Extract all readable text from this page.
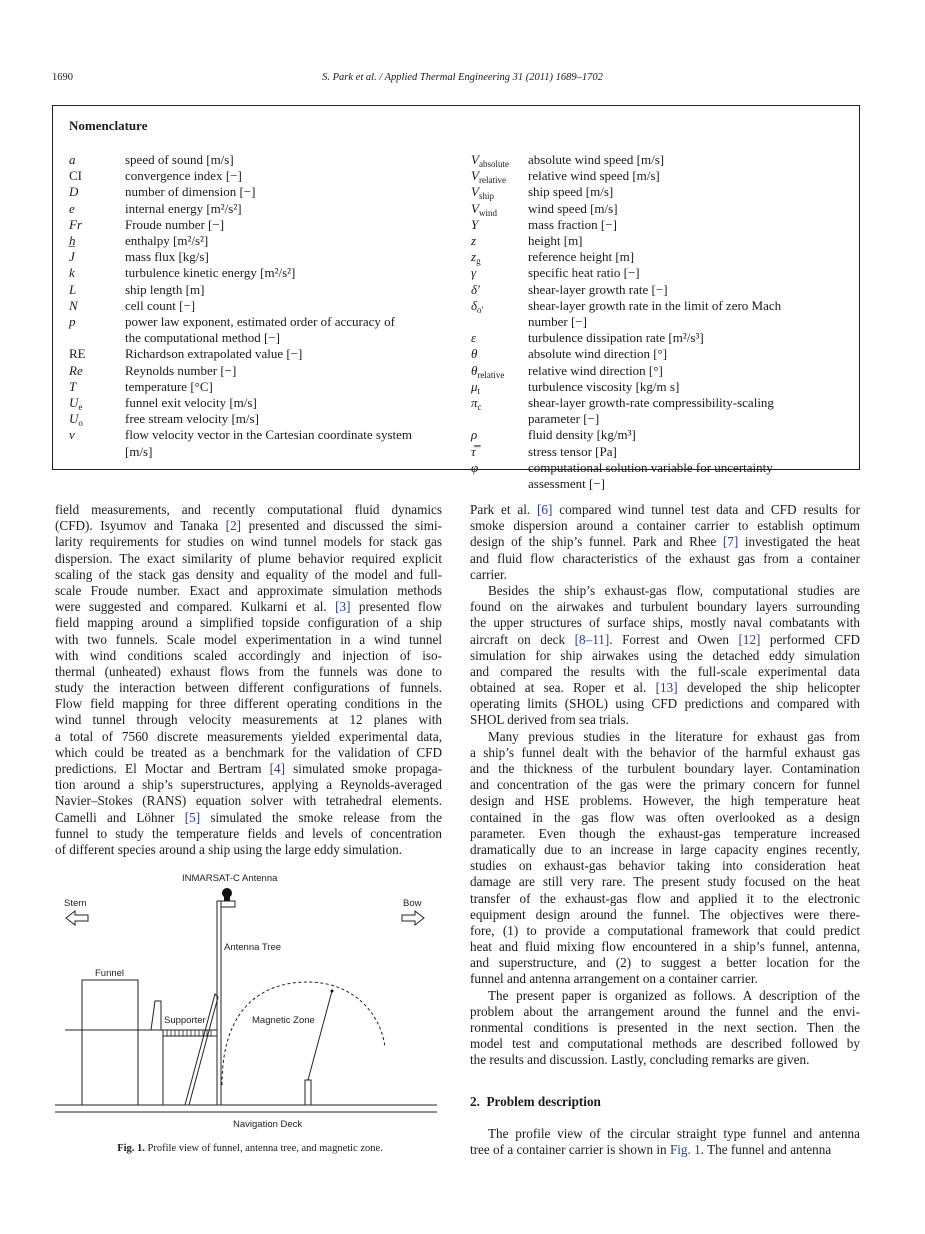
1690	S. Park et al. / Applied Thermal Engineering 31 (2011) 1689–1702
Nomenclature
a	speed of sound [m/s]
CI	convergence index [−]
D	number of dimension [−]
e	internal energy [m²/s²]
Fr	Froude number [−]
h̲	enthalpy [m²/s²]
J⃗	mass flux [kg/s]
k	turbulence kinetic energy [m²/s²]
L	ship length [m]
N	cell count [−]
p	power law exponent, estimated order of accuracy of
the computational method [−]
RE	Richardson extrapolated value [−]
Re	Reynolds number [−]
T	temperature [°C]
$U_e$	funnel exit velocity [m/s]
$U_o$	free stream velocity [m/s]
v⃗	flow velocity vector in the Cartesian coordinate system
[m/s]
$V_{absolute}$ absolute wind speed [m/s]
$V_{relative}$ relative wind speed [m/s]
$V_{ship}$	ship speed [m/s]
$V_{wind}$ wind speed [m/s]
Y	mass fraction [−]
z	height [m]
$z_g$	reference height [m]
γ	specific heat ratio [−]
δ′	shear-layer growth rate [−]
$\delta_{o'}$	shear-layer growth rate in the limit of zero Mach
number [−]
ε	turbulence dissipation rate [m²/s³]
θ	absolute wind direction [°]
$\theta_{relative}$ relative wind direction [°]
$\mu_t$	turbulence viscosity [kg/m s]
$\pi_c$	shear-layer growth-rate compressibility-scaling
parameter [−]
ρ	fluid density [kg/m³]
τ̿	stress tensor [Pa]
φ	computational solution variable for uncertainty
assessment [−]
field measurements, and recently computational fluid dynamics
(CFD). Isyumov and Tanaka [2] presented and discussed the simi-
larity requirements for studies on wind tunnel models for stack gas
dispersion. The exact similarity of plume behavior required explicit
scaling of the stack gas density and equality of the model and full-
scale Froude number. Exact and approximate simulation methods
were suggested and compared. Kulkarni et al. [3] presented flow
field mapping around a simplified topside configuration of a ship
with two funnels. Scale model experimentation in a wind tunnel
with wind conditions scaled accordingly and injection of iso-
thermal (unheated) exhaust flows from the funnels was done to
study the interaction between different configurations of funnels.
Flow field mapping for three different operating conditions in the
wind tunnel through velocity measurements at 12 planes with
a total of 7560 discrete measurements yielded experimental data,
which could be treated as a benchmark for the validation of CFD
predictions. El Moctar and Bertram [4] simulated smoke propaga-
tion around a ship’s superstructures, applying a Reynolds-averaged
Navier–Stokes (RANS) equation solver with tetrahedral elements.
Camelli and Löhner [5] simulated the smoke release from the
funnel to study the temperature fields and levels of concentration
of different species around a ship using the large eddy simulation.
Park et al. [6] compared wind tunnel test data and CFD results for
smoke dispersion around a container carrier to establish optimum
design of the ship’s funnel. Park and Rhee [7] investigated the heat
and fluid flow characteristics of the exhaust gas from a container
carrier.
Besides the ship’s exhaust-gas flow, computational studies are
found on the airwakes and turbulent boundary layers surrounding
the upper structures of surface ships, mostly naval combatants with
aircraft on deck [8–11]. Forrest and Owen [12] performed CFD
simulation for ship airwakes using the detached eddy simulation
and compared the results with the full-scale experimental data
obtained at sea. Roper et al. [13] developed the ship helicopter
operating limits (SHOL) using CFD predictions and compared with
SHOL derived from sea trials.
Many previous studies in the literature for exhaust gas from
a ship’s funnel dealt with the behavior of the harmful exhaust gas
and the thickness of the turbulent boundary layer. Contamination
and concentration of the gas were the primary concern for funnel
design and HSE problems. However, the high temperature heat
contained in the gas flow was often overlooked as a design
parameter. Even though the exhaust-gas temperature increased
dramatically due to an increase in large capacity engines recently,
studies on exhaust-gas behavior taking into consideration heat
damage are still very rare. The present study focused on the heat
transfer of the exhaust-gas flow and applied it to the electronic
equipment design around the funnel. The objectives were there-
fore, (1) to provide a computational framework that could predict
heat and fluid mixing flow encountered in a ship’s funnel, antenna,
and superstructure, and (2) to suggest a better location for the
funnel and antenna arrangement on a container carrier.
The present paper is organized as follows. A description of the
problem about the arrangement around the funnel and the envi-
ronmental conditions is presented in the next section. Then the
model test and computational methods are described followed by
the results and discussion. Lastly, concluding remarks are given.
2. Problem description
The profile view of the circular straight type funnel and antenna
tree of a container carrier is shown in Fig. 1. The funnel and antenna
INMARSAT-C Antenna
Stern	Bow
Antenna Tree
Funnel
Supporter	Magnetic Zone
Navigation Deck
Fig. 1. Profile view of funnel, antenna tree, and magnetic zone.
